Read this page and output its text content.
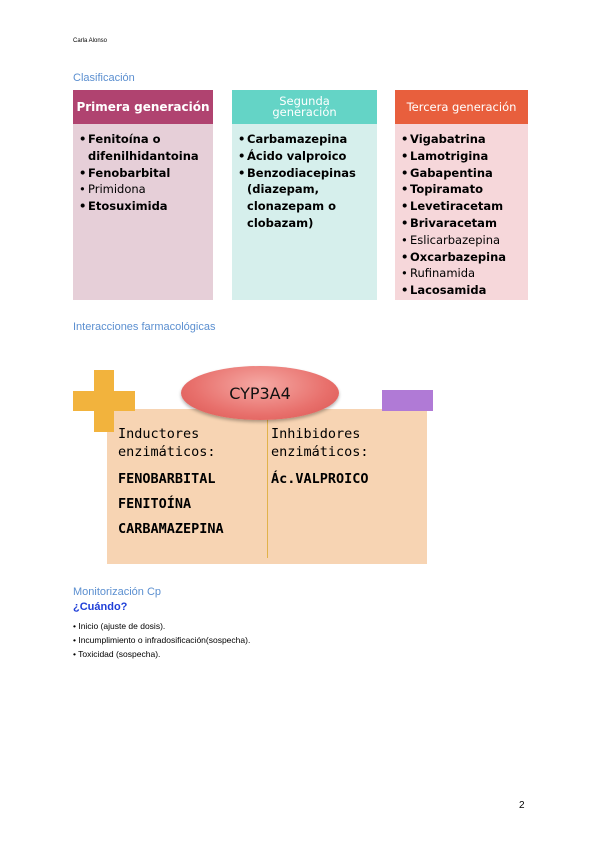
Carla Alonso
Clasificación
• Fenitoína o difenilhidantoina
• Fenobarbital
• Primidona
• Etosuximida
Primera generación
• Carbamazepina
• Ácido valproico
• Benzodiacepinas (diazepam, clonazepam o clobazam)
Segunda generación
• Vigabatrina
• Lamotrigina
• Gabapentina
• Topiramato
• Levetiracetam
• Brivaracetam
• Eslicarbazepina
• Oxcarbazepina
• Rufinamida
• Lacosamida
Tercera generación
Interacciones farmacológicas
CYP3A4
Inductores
enzimáticos:
FENOBARBITAL
FENITOÍNA
CARBAMAZEPINA
Inhibidores
enzimáticos:
Ác.VALPROICO
Monitorización Cp
¿Cuándo?
• Inicio (ajuste de dosis).
• Incumplimiento o infradosificación(sospecha).
• Toxicidad (sospecha).
2
